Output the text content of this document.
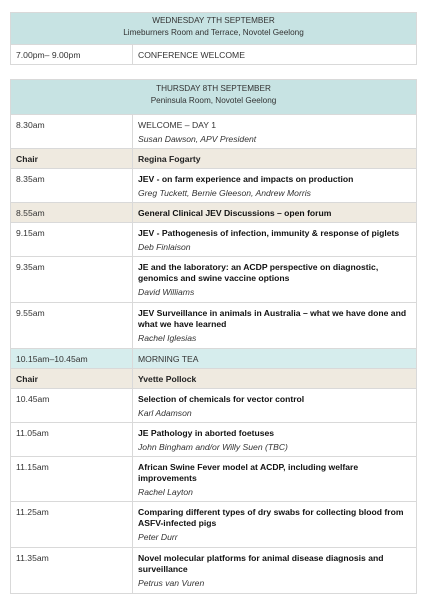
WEDNESDAY 7TH SEPTEMBER
Limeburners Room and Terrace, Novotel Geelong
7.00pm– 9.00pm	CONFERENCE WELCOME
THURSDAY 8TH SEPTEMBER
Peninsula Room, Novotel Geelong	
8.30am	WELCOME – DAY 1
Susan Dawson, APV President

Chair	Regina Fogarty
8.35am	JEV - on farm experience and impacts on production
Greg Tuckett, Bernie Gleeson, Andrew Morris

8.55am	General Clinical JEV Discussions – open forum

9.15am	JEV - Pathogenesis of infection, immunity & response of piglets
Deb Finlaison

9.35am	JE and the laboratory: an ACDP perspective on diagnostic, genomics and swine vaccine options
David Williams

9.55am	JEV Surveillance in animals in Australia – what we have done and what we have learned
Rachel Iglesias

10.15am–10.45am	MORNING TEA

Chair	Yvette Pollock
10.45am	Selection of chemicals for vector control
Karl Adamson

11.05am	JE Pathology in aborted foetuses
John Bingham and/or Willy Suen (TBC)

11.15am	African Swine Fever model at ACDP, including welfare improvements
Rachel Layton

11.25am	Comparing different types of dry swabs for collecting blood from ASFV-infected pigs
Peter Durr

11.35am	Novel molecular platforms for animal disease diagnosis and surveillance
Petrus van Vuren
